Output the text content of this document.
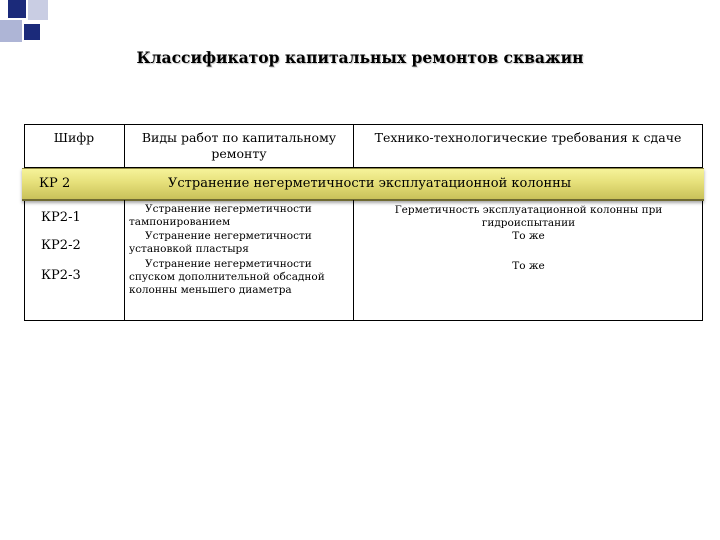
Классификатор капитальных ремонтов скважин
Шифр	Виды работ по капитальному ремонту
Технико-технологические требования к сдаче
КР 2	Устранение негерметичности эксплуатационной колонны
КР2-1
КР2-2
КР2-3
Устранение негерметичности тампонированием
Устранение негерметичности установкой пластыря
Устранение негерметичности спуском дополнительной обсадной колонны меньшего диаметра
Герметичность эксплуатационной колонны при гидроиспытании
То же
То же
